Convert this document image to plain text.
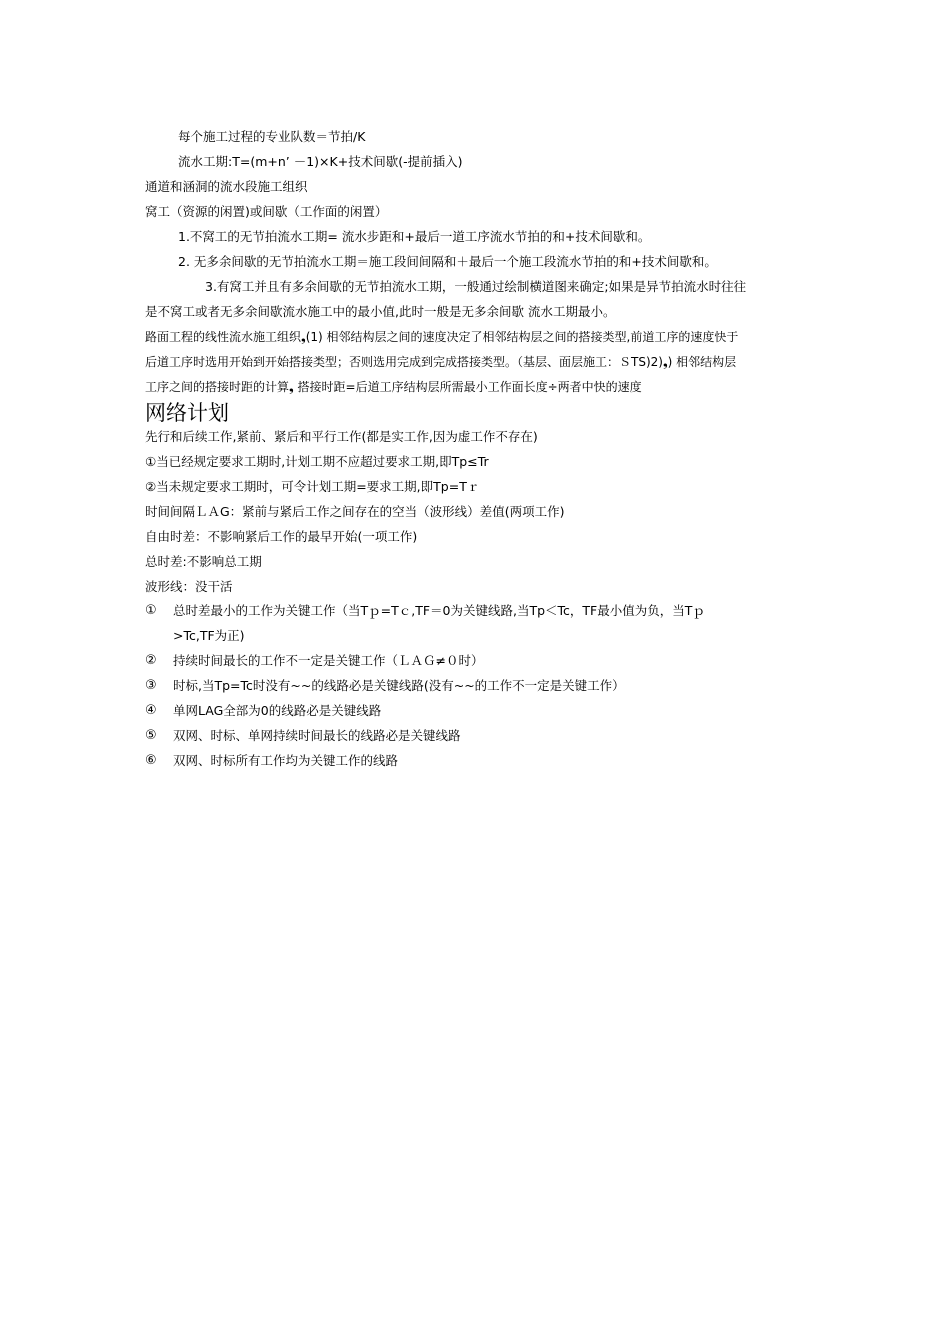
每个施工过程的专业队数＝节拍/K
流水工期:T=(m+n’ －1)×K+技术间歇(-提前插入)
通道和涵洞的流水段施工组织
窝工（资源的闲置)或间歇（工作面的闲置）
1.不窝工的无节拍流水工期= 流水步距和+最后一道工序流水节拍的和+技术间歇和。
2. 无多余间歇的无节拍流水工期＝施工段间间隔和＋最后一个施工段流水节拍的和+技术间歇和。
3.有窝工并且有多余间歇的无节拍流水工期，一般通过绘制横道图来确定;如果是异节拍流水时往往
是不窝工或者无多余间歇流水施工中的最小值,此时一般是无多余间歇 流水工期最小。
路面工程的线性流水施工组织❟(1) 相邻结构层之间的速度决定了相邻结构层之间的搭接类型,前道工序的速度快于
后道工序时选用开始到开始搭接类型；否则选用完成到完成搭接类型。（基层、面层施工：ＳTS)2)❟) 相邻结构层
工序之间的搭接时距的计算❟ 搭接时距=后道工序结构层所需最小工作面长度÷两者中快的速度
网络计划
先行和后续工作,紧前、紧后和平行工作(都是实工作,因为虚工作不存在)
①当已经规定要求工期时,计划工期不应超过要求工期,即Tp≤Tr
②当未规定要求工期时，可令计划工期=要求工期,即Tp=Tｒ
时间间隔ＬＡG：紧前与紧后工作之间存在的空当（波形线）差值(两项工作)
自由时差：不影响紧后工作的最早开始(一项工作)
总时差:不影响总工期
波形线：没干活
①	总时差最小的工作为关键工作（当Tｐ=Tｃ,TF＝0为关键线路,当Tp＜Tc，TF最小值为负，当Tｐ
>Tc,TF为正)
②	持续时间最长的工作不一定是关键工作（ＬＡＧ≠０时）
③	时标,当Tp=Tc时没有~~的线路必是关键线路(没有~~的工作不一定是关键工作）
④	单网LAG全部为0的线路必是关键线路
⑤	双网、时标、单网持续时间最长的线路必是关键线路
⑥	双网、时标所有工作均为关键工作的线路
